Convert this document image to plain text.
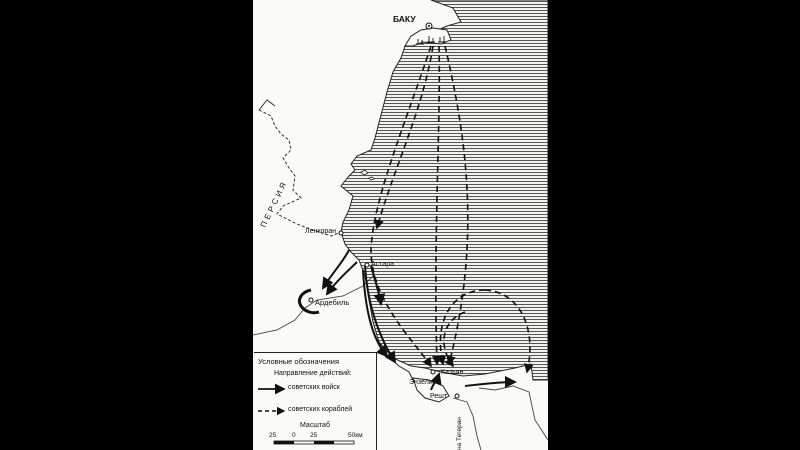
БАКУ
Ленкоран
Астара
Ардебиль
Энзели
Казьян
Решт
ПЕРСИЯ
на Тегеран
Условные обозначения
Направление действий:
советских войск
советских кораблей
Масштаб
25 0 25	50км
